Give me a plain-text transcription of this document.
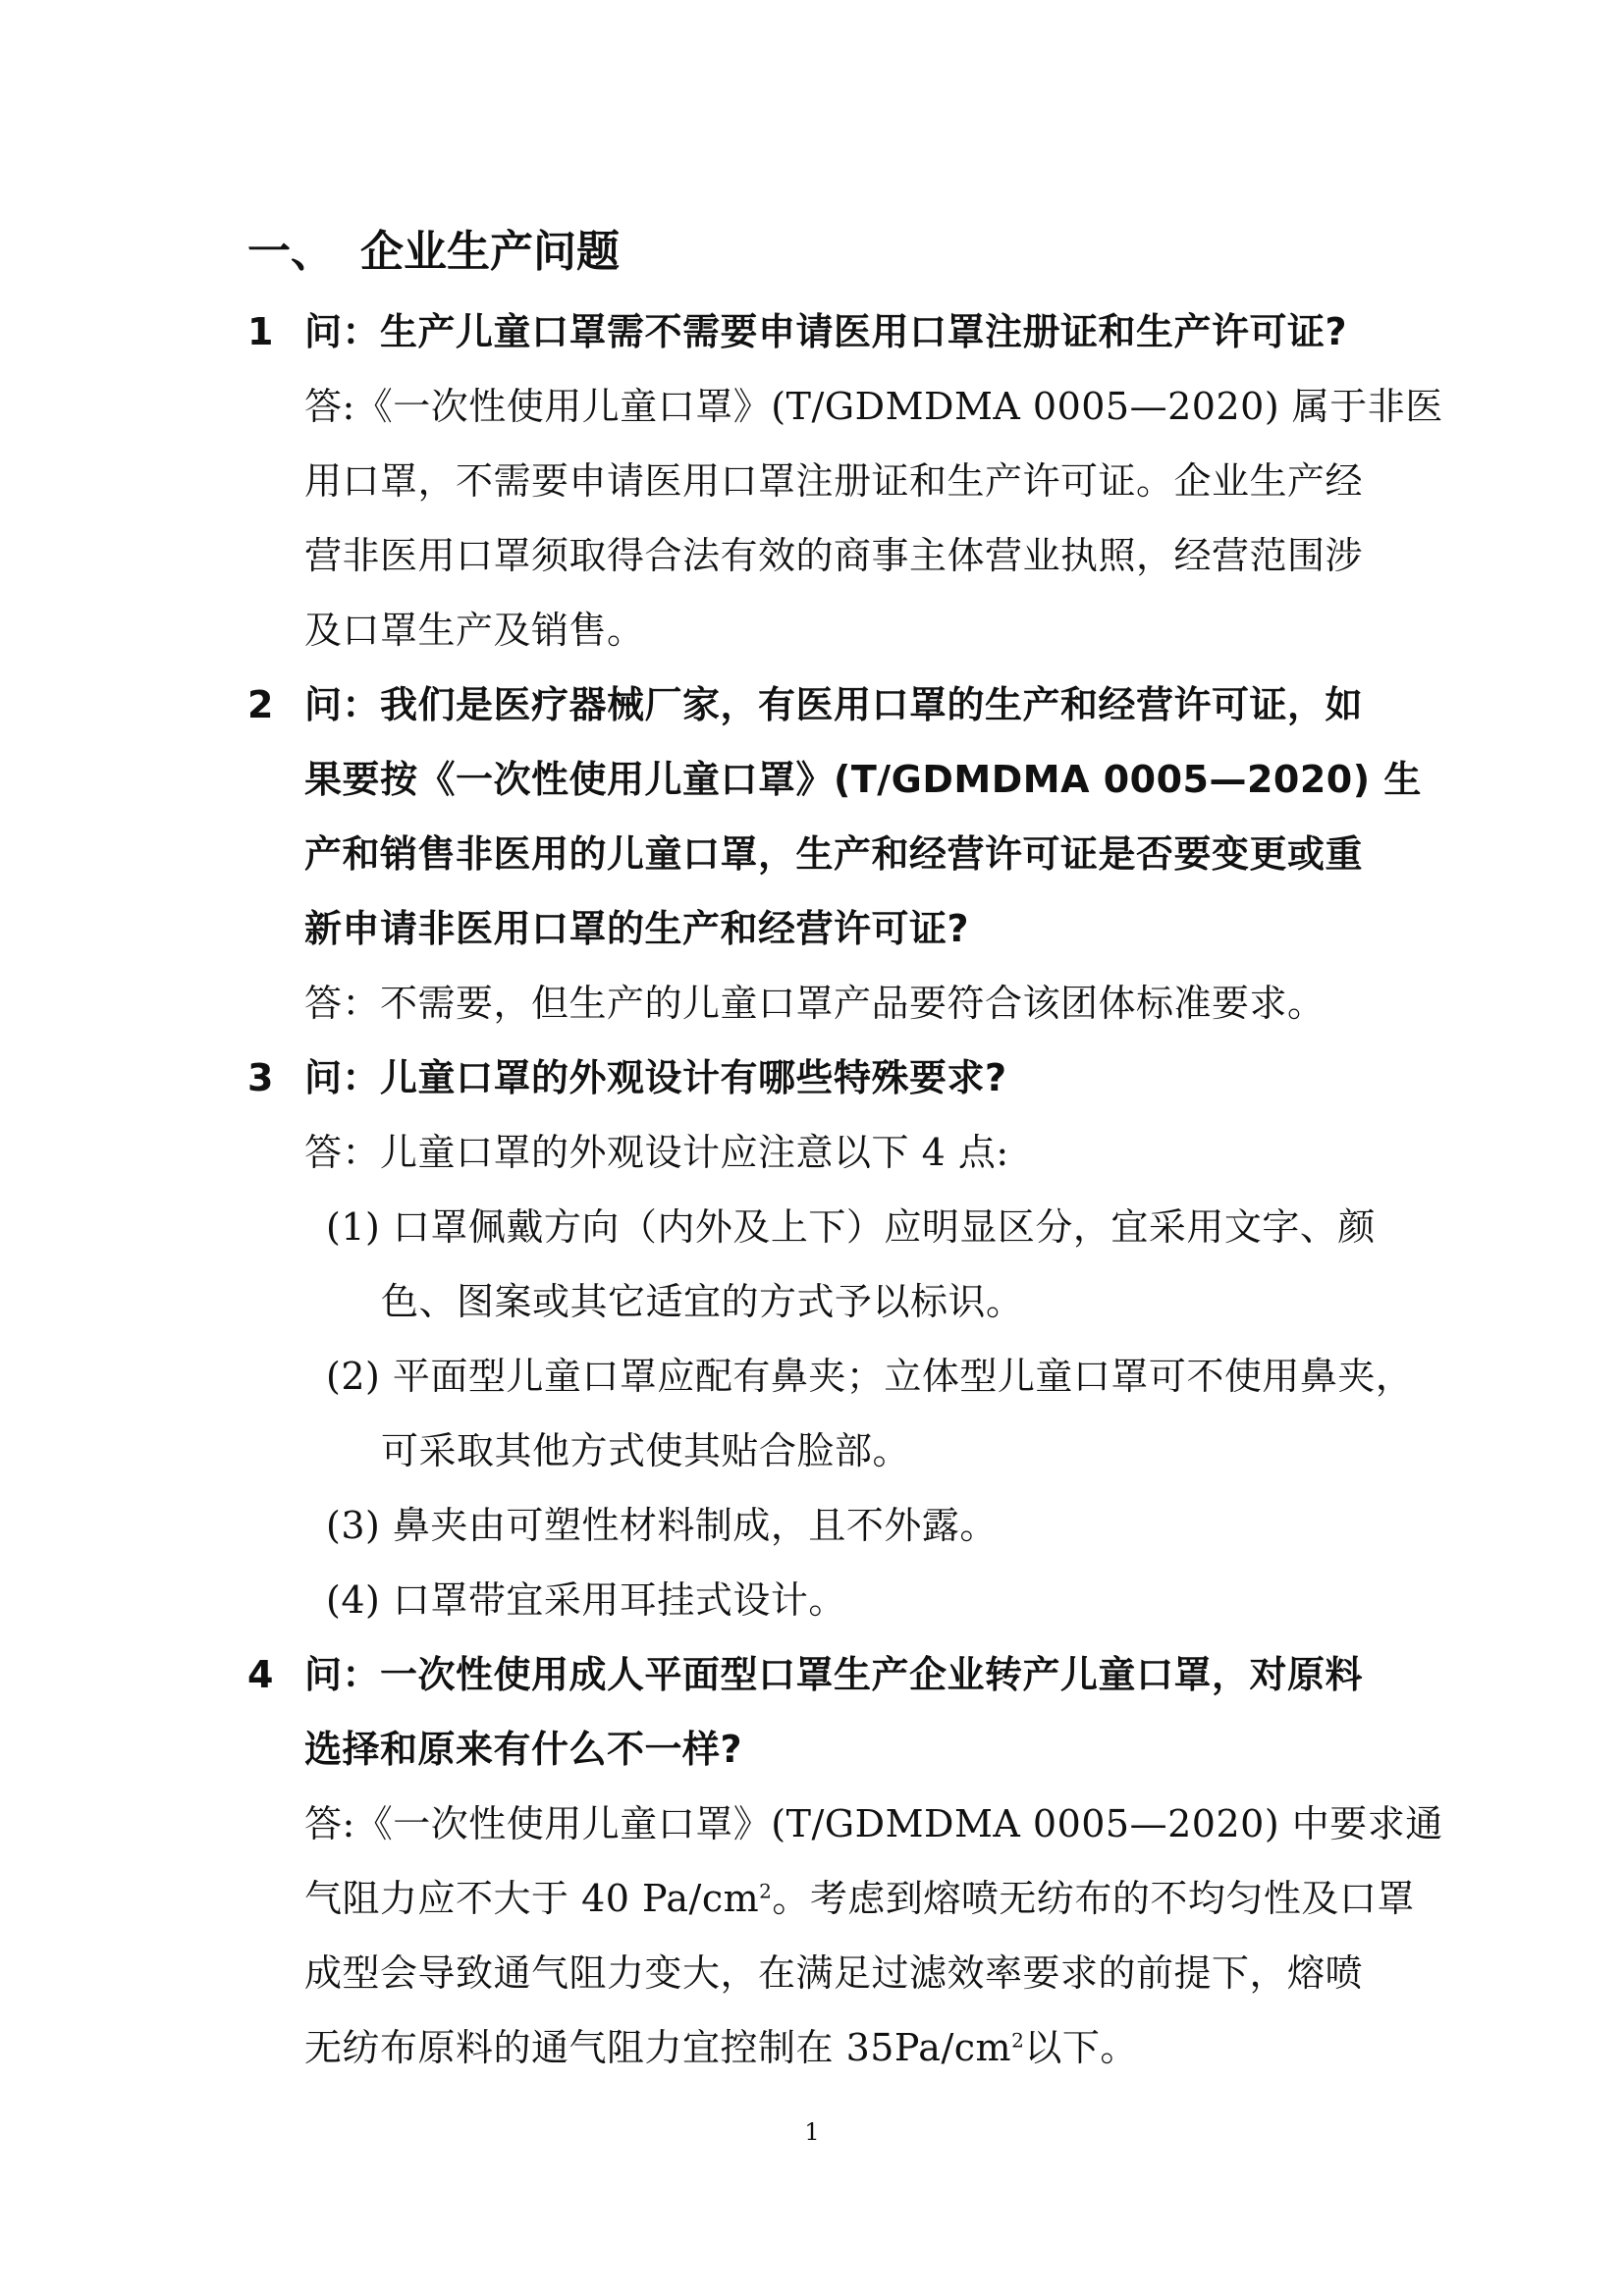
一、 企业生产问题
1 问：生产儿童口罩需不需要申请医用口罩注册证和生产许可证?
答:《一次性使用儿童口罩》(T/GDMDMA 0005—2020) 属于非医
用口罩，不需要申请医用口罩注册证和生产许可证。企业生产经
营非医用口罩须取得合法有效的商事主体营业执照，经营范围涉
及口罩生产及销售。
2 问：我们是医疗器械厂家，有医用口罩的生产和经营许可证，如
果要按《一次性使用儿童口罩》(T/GDMDMA 0005—2020) 生
产和销售非医用的儿童口罩，生产和经营许可证是否要变更或重
新申请非医用口罩的生产和经营许可证?
答：不需要，但生产的儿童口罩产品要符合该团体标准要求。
3 问：儿童口罩的外观设计有哪些特殊要求?
答：儿童口罩的外观设计应注意以下 4 点:
(1) 口罩佩戴方向（内外及上下）应明显区分，宜采用文字、颜
色、图案或其它适宜的方式予以标识。
(2) 平面型儿童口罩应配有鼻夹；立体型儿童口罩可不使用鼻夹，
可采取其他方式使其贴合脸部。
(3) 鼻夹由可塑性材料制成，且不外露。
(4) 口罩带宜采用耳挂式设计。
4 问：一次性使用成人平面型口罩生产企业转产儿童口罩，对原料
选择和原来有什么不一样?
答:《一次性使用儿童口罩》(T/GDMDMA 0005—2020) 中要求通
气阻力应不大于 40 $Pa/cm^2$。考虑到熔喷无纺布的不均匀性及口罩
成型会导致通气阻力变大，在满足过滤效率要求的前提下，熔喷
无纺布原料的通气阻力宜控制在 $35Pa/cm^2$以下。
1
